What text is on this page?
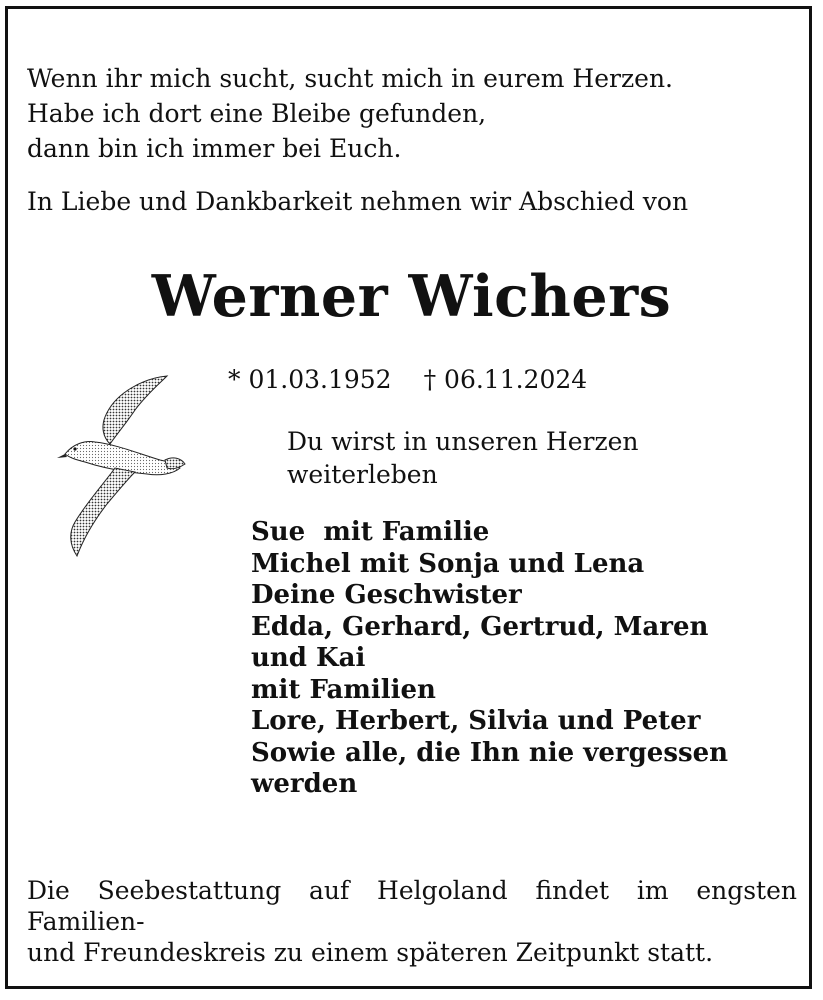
Wenn ihr mich sucht, sucht mich in eurem Herzen.
Habe ich dort eine Bleibe gefunden,
dann bin ich immer bei Euch.
In Liebe und Dankbarkeit nehmen wir Abschied von
Werner Wichers
* 01.03.1952 † 06.11.2024
Du wirst in unseren Herzen
weiterleben
Sue  mit Familie
Michel mit Sonja und Lena
Deine Geschwister
Edda, Gerhard, Gertrud, Maren
und Kai
mit Familien
Lore, Herbert, Silvia und Peter
Sowie alle, die Ihn nie vergessen
werden
Die Seebestattung auf Helgoland findet im engsten
Familien-
und Freundeskreis zu einem späteren Zeitpunkt statt.
